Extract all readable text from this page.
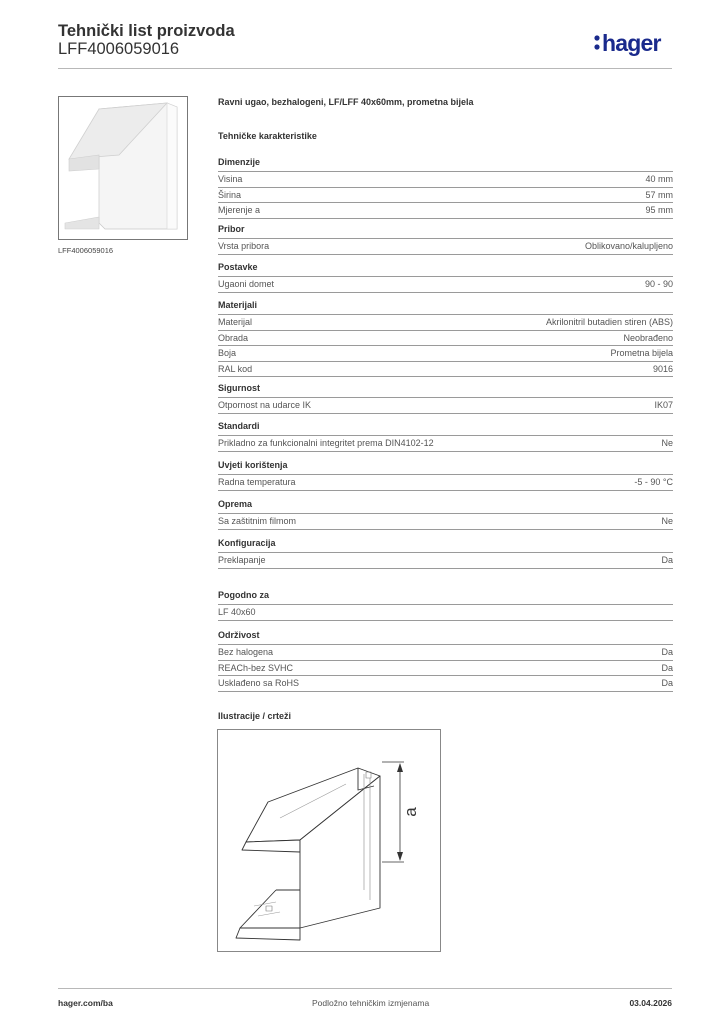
Tehnički list proizvoda
LFF4006059016	hager
LFF4006059016
Ravni ugao, bezhalogeni, LF/LFF 40x60mm, prometna bijela
Tehničke karakteristike
Dimenzije
Visina	40 mm
Širina	57 mm
Mjerenje a	95 mm
Pribor
Vrsta pribora	Oblikovano/kalupljeno
Postavke
Ugaoni domet	90 - 90
Materijali
Materijal	Akrilonitril butadien stiren (ABS)
Obrada	Neobrađeno
Boja	Prometna bijela
RAL kod	9016
Sigurnost
Otpornost na udarce IK	IK07
Standardi
Prikladno za funkcionalni integritet prema DIN4102-12	Ne
Uvjeti korištenja
Radna temperatura	-5 - 90 °C
Oprema
Sa zaštitnim filmom	Ne
Konfiguracija
Preklapanje	Da
Pogodno za
LF 40x60
Održivost
Bez halogena	Da
REACh-bez SVHC	Da
Usklađeno sa RoHS	Da
Ilustracije / crteži
a
hager.com/ba	Podložno tehničkim izmjenama	03.04.2026
